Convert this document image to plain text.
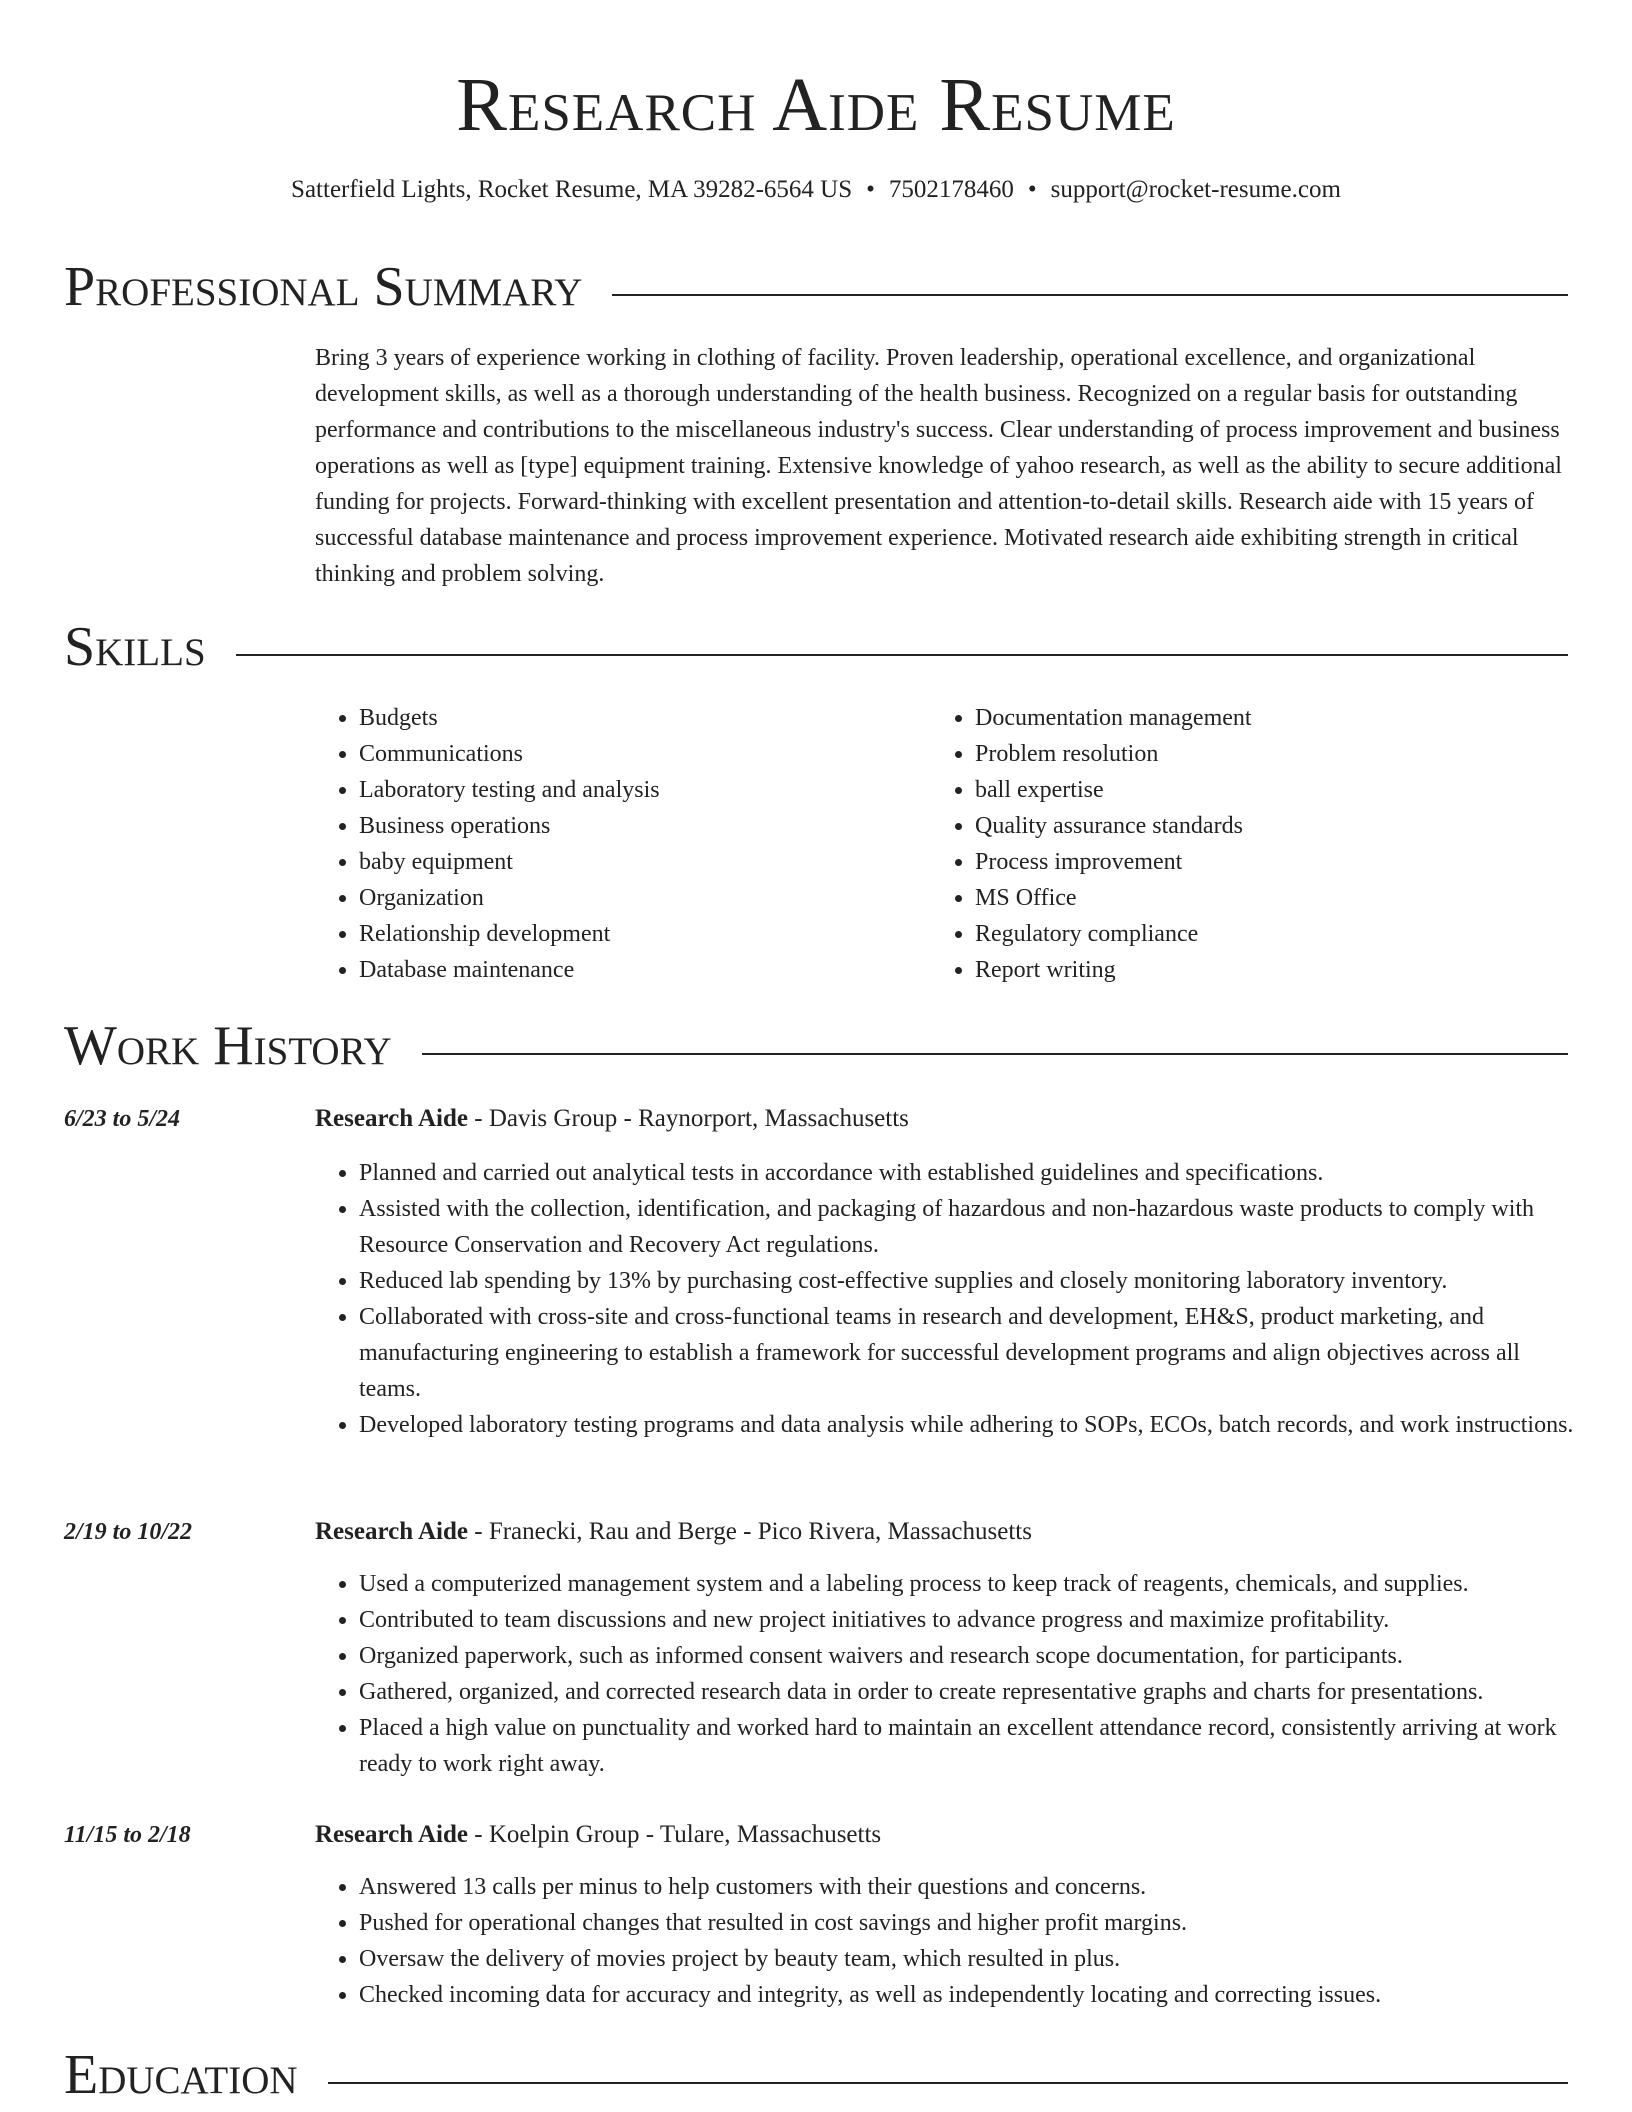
Research Aide Resume
Satterfield Lights, Rocket Resume, MA 39282-6564 US • 7502178460 • support@rocket-resume.com
Professional Summary
Bring 3 years of experience working in clothing of facility. Proven leadership, operational excellence, and organizational development skills, as well as a thorough understanding of the health business. Recognized on a regular basis for outstanding performance and contributions to the miscellaneous industry's success. Clear understanding of process improvement and business operations as well as [type] equipment training. Extensive knowledge of yahoo research, as well as the ability to secure additional funding for projects. Forward-thinking with excellent presentation and attention-to-detail skills. Research aide with 15 years of successful database maintenance and process improvement experience. Motivated research aide exhibiting strength in critical thinking and problem solving.
Skills
• Budgets
• Communications
• Laboratory testing and analysis
• Business operations
• baby equipment
• Organization
• Relationship development
• Database maintenance
• Documentation management
• Problem resolution
• ball expertise
• Quality assurance standards
• Process improvement
• MS Office
• Regulatory compliance
• Report writing
Work History
6/23 to 5/24	Research Aide - Davis Group - Raynorport, Massachusetts
• Planned and carried out analytical tests in accordance with established guidelines and specifications.
• Assisted with the collection, identification, and packaging of hazardous and non-hazardous waste products to comply with Resource Conservation and Recovery Act regulations.
• Reduced lab spending by 13% by purchasing cost-effective supplies and closely monitoring laboratory inventory.
• Collaborated with cross-site and cross-functional teams in research and development, EH&S, product marketing, and manufacturing engineering to establish a framework for successful development programs and align objectives across all teams.
• Developed laboratory testing programs and data analysis while adhering to SOPs, ECOs, batch records, and work instructions.
2/19 to 10/22	Research Aide - Franecki, Rau and Berge - Pico Rivera, Massachusetts
• Used a computerized management system and a labeling process to keep track of reagents, chemicals, and supplies.
• Contributed to team discussions and new project initiatives to advance progress and maximize profitability.
• Organized paperwork, such as informed consent waivers and research scope documentation, for participants.
• Gathered, organized, and corrected research data in order to create representative graphs and charts for presentations.
• Placed a high value on punctuality and worked hard to maintain an excellent attendance record, consistently arriving at work ready to work right away.
11/15 to 2/18	Research Aide - Koelpin Group - Tulare, Massachusetts
• Answered 13 calls per minus to help customers with their questions and concerns.
• Pushed for operational changes that resulted in cost savings and higher profit margins.
• Oversaw the delivery of movies project by beauty team, which resulted in plus.
• Checked incoming data for accuracy and integrity, as well as independently locating and correcting issues.
Education
